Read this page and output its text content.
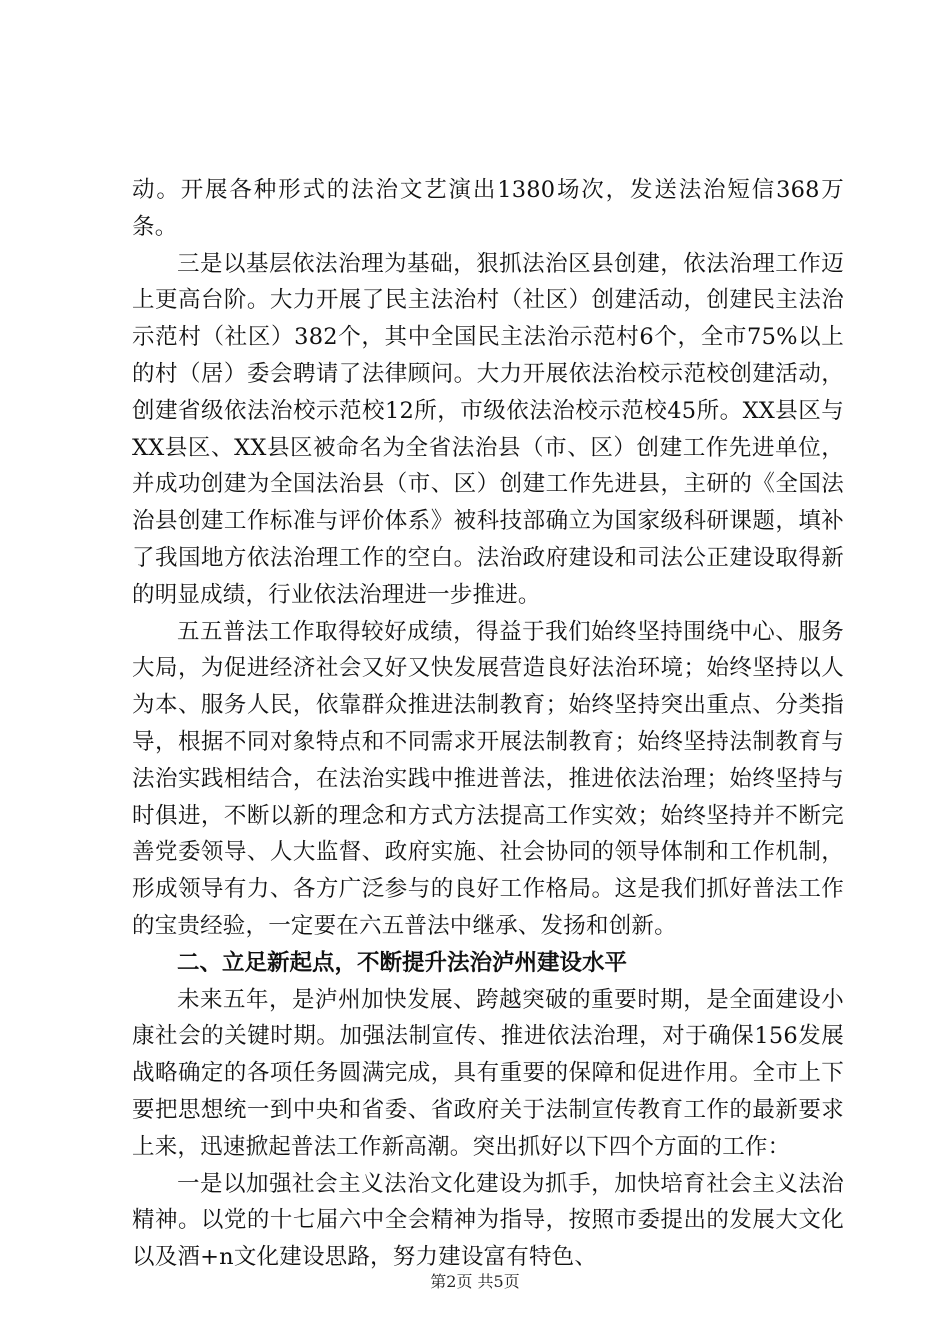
动。开展各种形式的法治文艺演出1380场次，发送法治短信368万条。

三是以基层依法治理为基础，狠抓法治区县创建，依法治理工作迈上更高台阶。大力开展了民主法治村（社区）创建活动，创建民主法治示范村（社区）382个，其中全国民主法治示范村6个，全市75%以上的村（居）委会聘请了法律顾问。大力开展依法治校示范校创建活动，创建省级依法治校示范校12所，市级依法治校示范校45所。XX县区与XX县区、XX县区被命名为全省法治县（市、区）创建工作先进单位，并成功创建为全国法治县（市、区）创建工作先进县，主研的《全国法治县创建工作标准与评价体系》被科技部确立为国家级科研课题，填补了我国地方依法治理工作的空白。法治政府建设和司法公正建设取得新的明显成绩，行业依法治理进一步推进。

五五普法工作取得较好成绩，得益于我们始终坚持围绕中心、服务大局，为促进经济社会又好又快发展营造良好法治环境；始终坚持以人为本、服务人民，依靠群众推进法制教育；始终坚持突出重点、分类指导，根据不同对象特点和不同需求开展法制教育；始终坚持法制教育与法治实践相结合，在法治实践中推进普法，推进依法治理；始终坚持与时俱进，不断以新的理念和方式方法提高工作实效；始终坚持并不断完善党委领导、人大监督、政府实施、社会协同的领导体制和工作机制，形成领导有力、各方广泛参与的良好工作格局。这是我们抓好普法工作的宝贵经验，一定要在六五普法中继承、发扬和创新。

二、立足新起点，不断提升法治泸州建设水平

未来五年，是泸州加快发展、跨越突破的重要时期，是全面建设小康社会的关键时期。加强法制宣传、推进依法治理，对于确保156发展战略确定的各项任务圆满完成，具有重要的保障和促进作用。全市上下要把思想统一到中央和省委、省政府关于法制宣传教育工作的最新要求上来，迅速掀起普法工作新高潮。突出抓好以下四个方面的工作：

一是以加强社会主义法治文化建设为抓手，加快培育社会主义法治精神。以党的十七届六中全会精神为指导，按照市委提出的发展大文化以及酒+n文化建设思路，努力建设富有特色、

第2页 共5页
